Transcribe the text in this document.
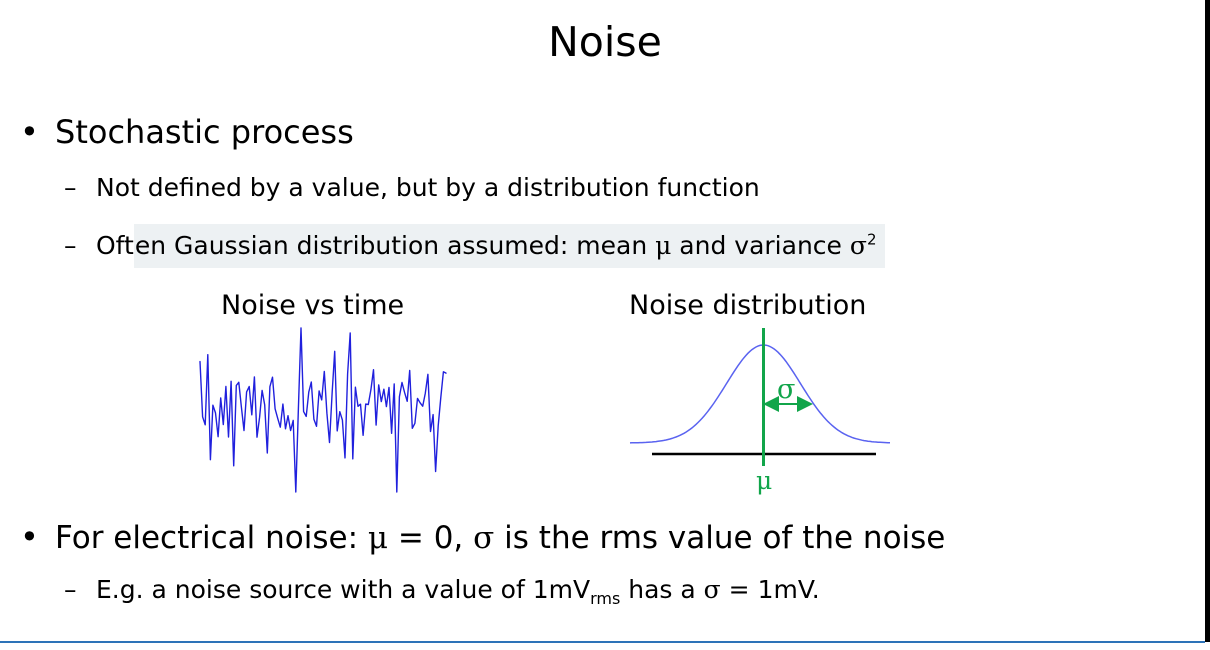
Noise
• Stochastic process
– Not defined by a value, but by a distribution function
– Oft en Gaussian distribution assumed: mean μ and variance $\sigma^2$
Noise vs time	Noise distribution
σ
μ
• For electrical noise: μ = 0, σ is the rms value of the noise
– E.g. a noise source with a value of $1mV_{rms}$ has a σ = 1mV.
